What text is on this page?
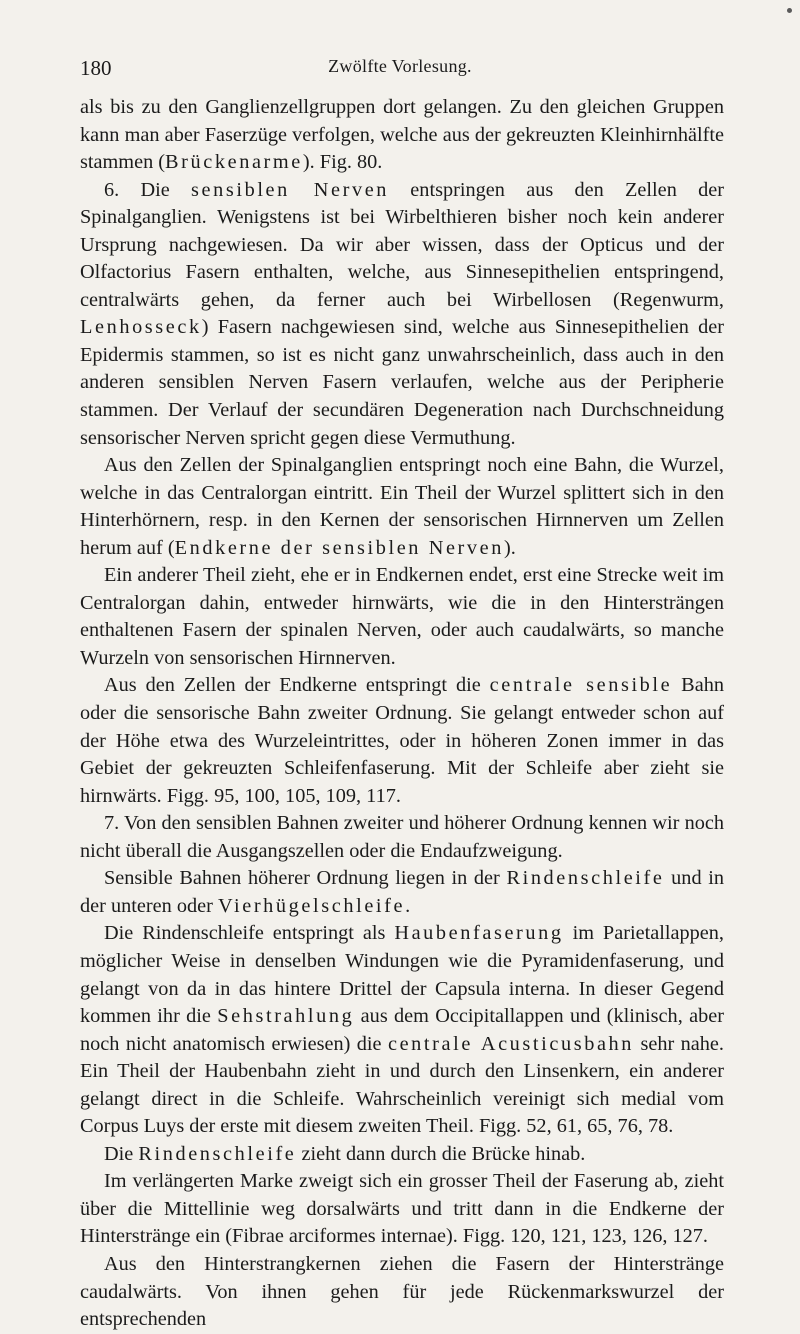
180	Zwölfte Vorlesung.

als bis zu den Ganglienzellgruppen dort gelangen. Zu den gleichen Gruppen kann man aber Faserzüge verfolgen, welche aus der gekreuzten Kleinhirnhälfte stammen (Brückenarme). Fig. 80.

6. Die sensiblen Nerven entspringen aus den Zellen der Spinalganglien. Wenigstens ist bei Wirbelthieren bisher noch kein anderer Ursprung nachgewiesen. Da wir aber wissen, dass der Opticus und der Olfactorius Fasern enthalten, welche, aus Sinnesepithelien entspringend, centralwärts gehen, da ferner auch bei Wirbellosen (Regenwurm, Lenhosseck) Fasern nachgewiesen sind, welche aus Sinnesepithelien der Epidermis stammen, so ist es nicht ganz unwahrscheinlich, dass auch in den anderen sensiblen Nerven Fasern verlaufen, welche aus der Peripherie stammen. Der Verlauf der secundären Degeneration nach Durchschneidung sensorischer Nerven spricht gegen diese Vermuthung.

Aus den Zellen der Spinalganglien entspringt noch eine Bahn, die Wurzel, welche in das Centralorgan eintritt. Ein Theil der Wurzel splittert sich in den Hinterhörnern, resp. in den Kernen der sensorischen Hirnnerven um Zellen herum auf (Endkerne der sensiblen Nerven).

Ein anderer Theil zieht, ehe er in Endkernen endet, erst eine Strecke weit im Centralorgan dahin, entweder hirnwärts, wie die in den Hintersträngen enthaltenen Fasern der spinalen Nerven, oder auch caudalwärts, so manche Wurzeln von sensorischen Hirnnerven.

Aus den Zellen der Endkerne entspringt die centrale sensible Bahn oder die sensorische Bahn zweiter Ordnung. Sie gelangt entweder schon auf der Höhe etwa des Wurzeleintrittes, oder in höheren Zonen immer in das Gebiet der gekreuzten Schleifenfaserung. Mit der Schleife aber zieht sie hirnwärts. Figg. 95, 100, 105, 109, 117.

7. Von den sensiblen Bahnen zweiter und höherer Ordnung kennen wir noch nicht überall die Ausgangszellen oder die Endaufzweigung.

Sensible Bahnen höherer Ordnung liegen in der Rindenschleife und in der unteren oder Vierhügelschleife.

Die Rindenschleife entspringt als Haubenfaserung im Parietallappen, möglicher Weise in denselben Windungen wie die Pyramidenfaserung, und gelangt von da in das hintere Drittel der Capsula interna. In dieser Gegend kommen ihr die Sehstrahlung aus dem Occipitallappen und (klinisch, aber noch nicht anatomisch erwiesen) die centrale Acusticusbahn sehr nahe. Ein Theil der Haubenbahn zieht in und durch den Linsenkern, ein anderer gelangt direct in die Schleife. Wahrscheinlich vereinigt sich medial vom Corpus Luys der erste mit diesem zweiten Theil. Figg. 52, 61, 65, 76, 78.

Die Rindenschleife zieht dann durch die Brücke hinab.

Im verlängerten Marke zweigt sich ein grosser Theil der Faserung ab, zieht über die Mittellinie weg dorsalwärts und tritt dann in die Endkerne der Hinterstränge ein (Fibrae arciformes internae). Figg. 120, 121, 123, 126, 127.

Aus den Hinterstrangkernen ziehen die Fasern der Hinterstränge caudalwärts. Von ihnen gehen für jede Rückenmarkswurzel der entsprechenden
